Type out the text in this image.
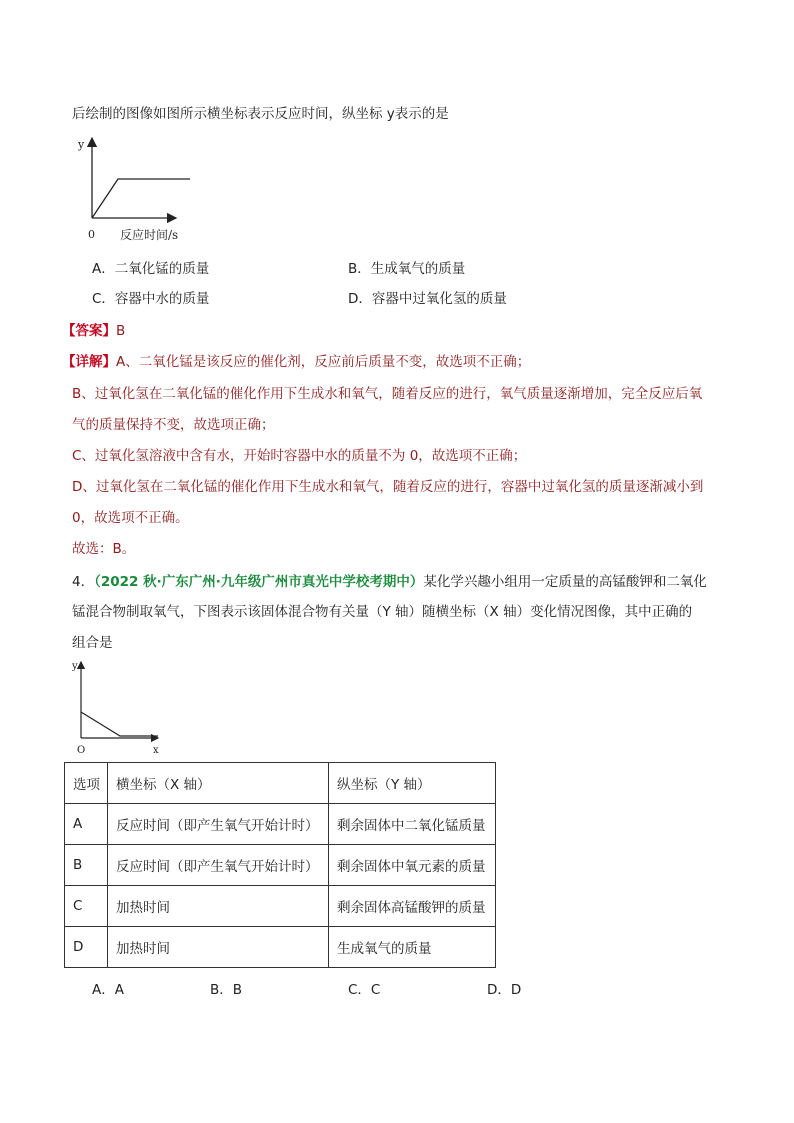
后绘制的图像如图所示横坐标表示反应时间，纵坐标 y表示的是
y
0 反应时间/s
A．二氧化锰的质量	B．生成氧气的质量
C．容器中水的质量	D．容器中过氧化氢的质量
【答案】B
【详解】A、二氧化锰是该反应的催化剂，反应前后质量不变，故选项不正确；
B、过氧化氢在二氧化锰的催化作用下生成水和氧气，随着反应的进行，氧气质量逐渐增加，完全反应后氧
气的质量保持不变，故选项正确；
C、过氧化氢溶液中含有水，开始时容器中水的质量不为 0，故选项不正确；
D、过氧化氢在二氧化锰的催化作用下生成水和氧气，随着反应的进行，容器中过氧化氢的质量逐渐减小到
0，故选项不正确。
故选：B。
4．（2022 秋·广东广州·九年级广州市真光中学校考期中）某化学兴趣小组用一定质量的高锰酸钾和二氧化
锰混合物制取氧气，下图表示该固体混合物有关量（Y 轴）随横坐标（X 轴）变化情况图像，其中正确的
组合是
y
O	x
选项	横坐标（X 轴）	纵坐标（Y 轴）
A	反应时间（即产生氧气开始计时）	剩余固体中二氧化锰质量
B	反应时间（即产生氧气开始计时）	剩余固体中氧元素的质量
C	加热时间	剩余固体高锰酸钾的质量
D	加热时间	生成氧气的质量
A．A	B．B	C．C	D．D
